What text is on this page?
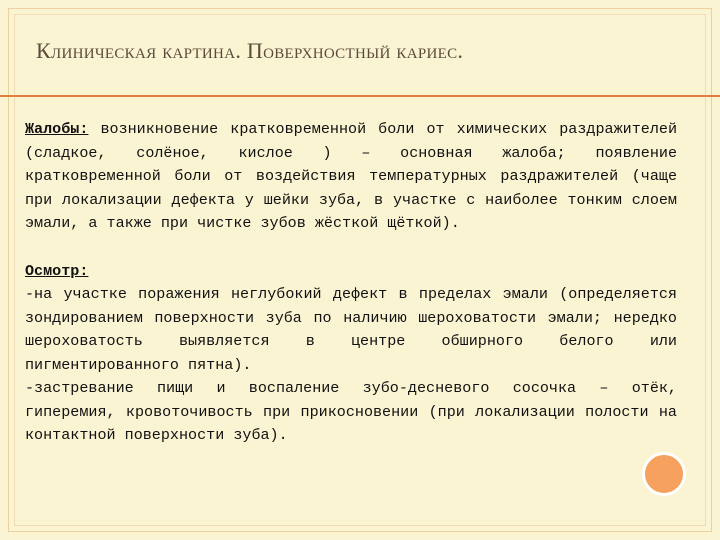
Клиническая картина. Поверхностный кариес.

Жалобы: возникновение кратковременной боли от химических раздражителей (сладкое, солёное, кислое ) – основная жалоба; появление кратковременной боли от воздействия температурных раздражителей (чаще при локализации дефекта у шейки зуба, в участке с наиболее тонким слоем эмали, а также при чистке зубов жёсткой щёткой).

Осмотр:

-на участке поражения неглубокий дефект в пределах эмали (определяется зондированием поверхности зуба по наличию шероховатости эмали; нередко шероховатость выявляется в центре обширного белого или пигментированного пятна).

-застревание пищи и воспаление зубо-десневого сосочка – отёк, гиперемия, кровоточивость при прикосновении (при локализации полости на контактной поверхности зуба).
